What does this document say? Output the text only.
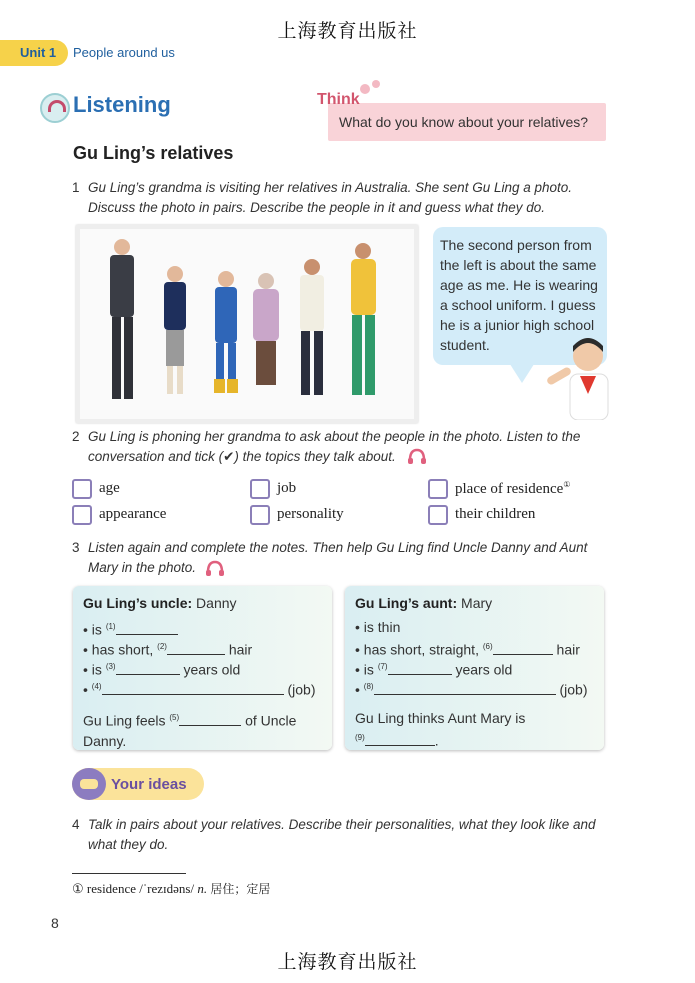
上海教育出版社
Unit 1 People around us
Listening	Think
What do you know about your relatives?
Gu Ling’s relatives
1 Gu Ling’s grandma is visiting her relatives in Australia. She sent Gu Ling a photo.
Discuss the photo in pairs. Describe the people in it and guess what they do.
The second person from
the left is about the same
age as me. He is wearing
a school uniform. I guess
he is a junior high school
student.
2 Gu Ling is phoning her grandma to ask about the people in the photo. Listen to the
conversation and tick (✔) the topics they talk about.
age	job	place of residence①
appearance	personality	their children
3 Listen again and complete the notes. Then help Gu Ling find Uncle Danny and Aunt
Mary in the photo.
Gu Ling’s uncle: Danny
• is $^{(1)}$
• has short, $^{(2)}$	hair
• is $^{(3)}$	years old
• $^{(4)}$	(job)
Gu Ling feels $^{(5)}$	of Uncle
Danny.
Gu Ling’s aunt: Mary
• is thin
• has short, straight, $^{(6)}$	hair
• is $^{(7)}$	years old
• $^{(8)}$	(job)
Gu Ling thinks Aunt Mary is
$^{(9)}$	.
Your ideas
4 Talk in pairs about your relatives. Describe their personalities, what they look like and
what they do.
① residence /ˈrezɪdəns/ n. 居住；定居
8
上海教育出版社
